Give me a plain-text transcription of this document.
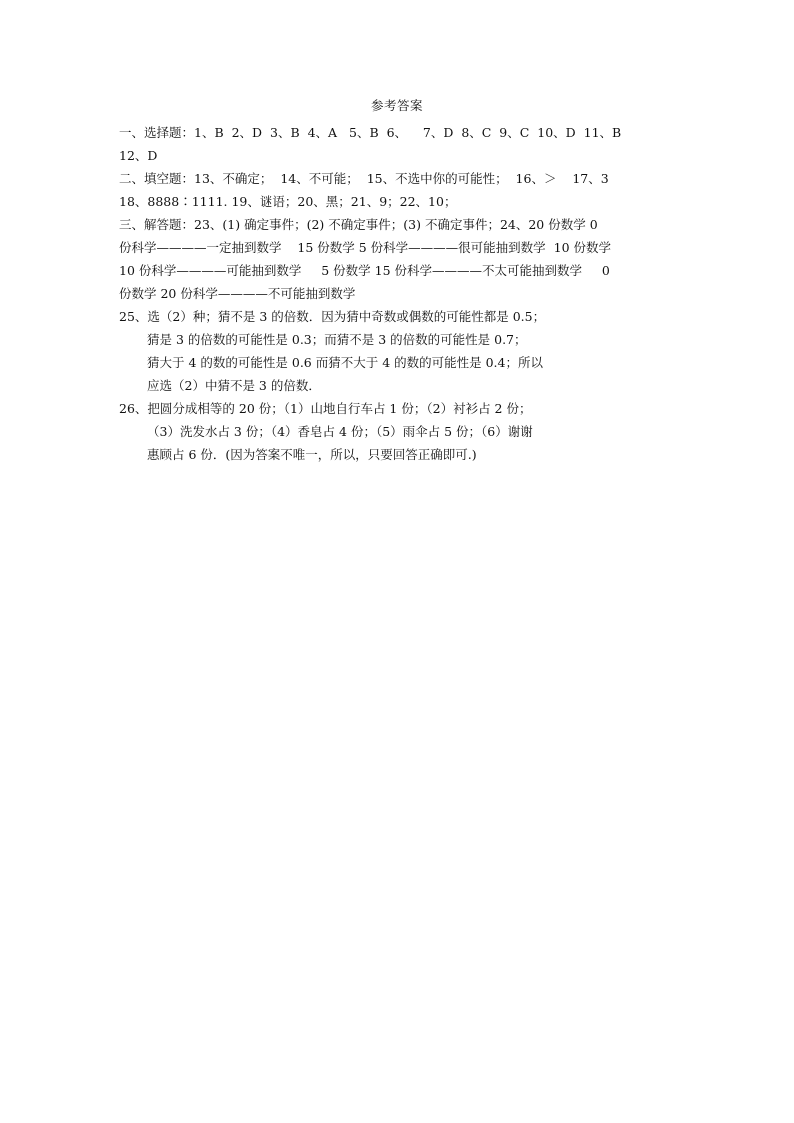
参考答案
一、选择题：1、B  2、D  3、B  4、A   5、B  6、    7、D  8、C  9、C  10、D  11、B
12、D
二、填空题：13、不确定；  14、不可能；  15、不选中你的可能性；  16、＞    17、3
18、8888∶1111. 19、谜语；20、黑；21、9；22、10；
三、解答题：23、(1) 确定事件；(2) 不确定事件；(3) 不确定事件；24、20 份数学 0
份科学————一定抽到数学    15 份数学 5 份科学————很可能抽到数学  10 份数学
10 份科学————可能抽到数学     5 份数学 15 份科学————不太可能抽到数学     0
份数学 20 份科学————不可能抽到数学
25、选（2）种；猜不是 3 的倍数．因为猜中奇数或偶数的可能性都是 0.5；
猜是 3 的倍数的可能性是 0.3；而猜不是 3 的倍数的可能性是 0.7；
猜大于 4 的数的可能性是 0.6 而猜不大于 4 的数的可能性是 0.4；所以
应选（2）中猜不是 3 的倍数．
26、把圆分成相等的 20 份；（1）山地自行车占 1 份；（2）衬衫占 2 份；
（3）洗发水占 3 份；（4）香皂占 4 份；（5）雨伞占 5 份；（6）谢谢
惠顾占 6 份．(因为答案不唯一，所以，只要回答正确即可.)
